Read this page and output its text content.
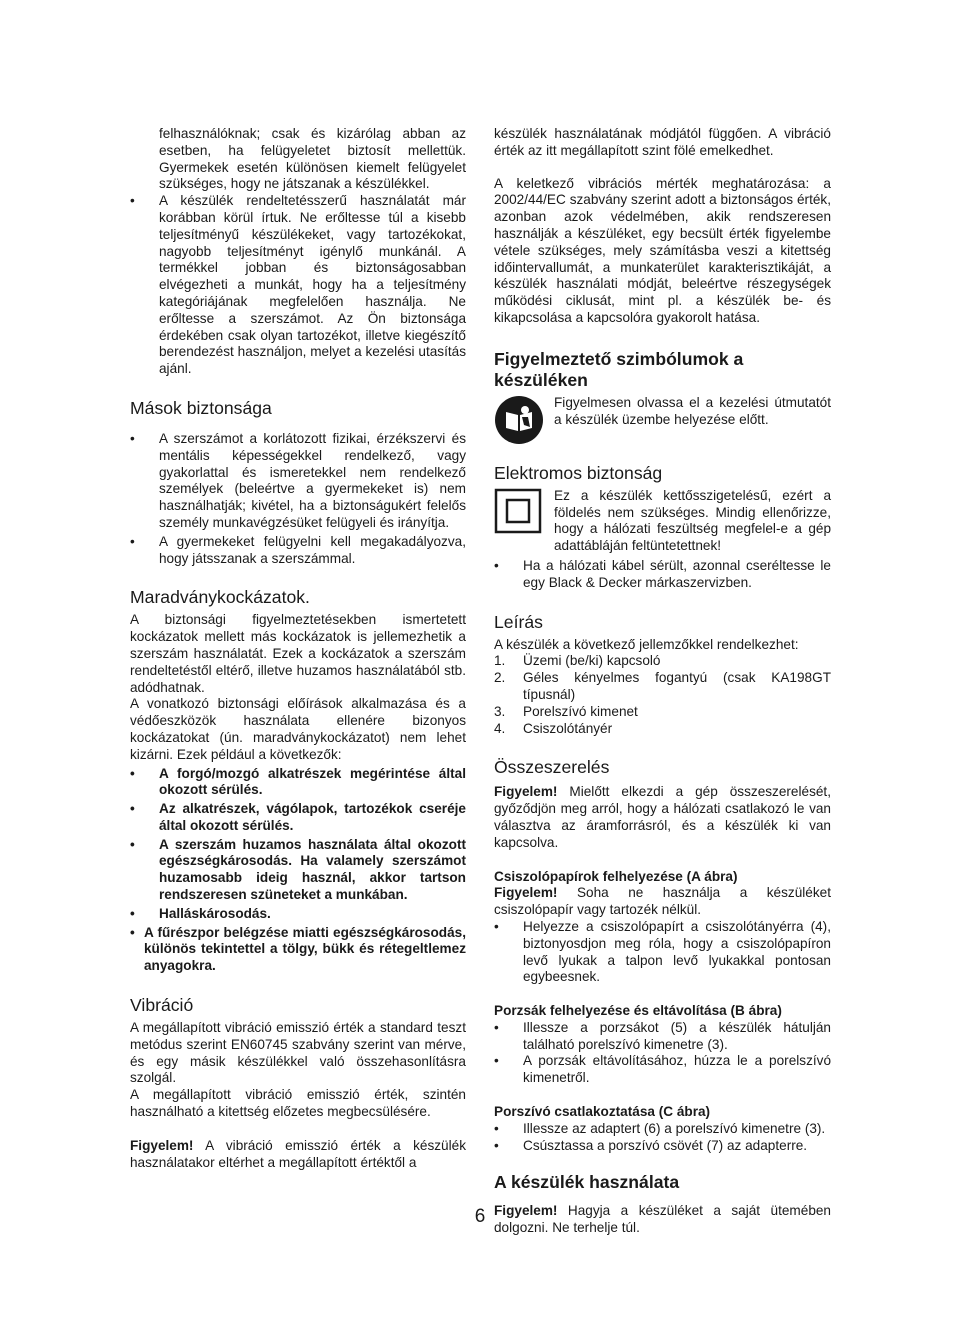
felhasználóknak; csak és kizárólag abban az esetben, ha felügyeletet biztosít mellettük. Gyermekek esetén különösen kiemelt felügyelet szükséges, hogy ne játszanak a készülékkel.
• A készülék rendeltetésszerű használatát már korábban körül írtuk. Ne erőltesse túl a kisebb teljesítményű készülékeket, vagy tartozékokat, nagyobb teljesítményt igénylő munkánál. A termékkel jobban és biztonságosabban elvégezheti a munkát, hogy ha a teljesítmény kategóriájának megfelelően használja. Ne erőltesse a szerszámot. Az Ön biztonsága érdekében csak olyan tartozékot, illetve kiegészítő berendezést használjon, melyet a kezelési utasítás ajánl.
Mások biztonsága
• A szerszámot a korlátozott fizikai, érzékszervi és mentális képességekkel rendelkező, vagy gyakorlattal és ismeretekkel nem rendelkező személyek (beleértve a gyermekeket is) nem használhatják; kivétel, ha a biztonságukért felelős személy munkavégzésüket felügyeli és irányítja.
• A gyermekeket felügyelni kell megakadályozva, hogy játsszanak a szerszámmal.
Maradványkockázatok.

A biztonsági figyelmeztetésekben ismertetett kockázatok mellett más kockázatok is jellemezhetik a szerszám használatát. Ezek a kockázatok a szerszám rendeltetéstől eltérő, illetve huzamos használatából stb. adódhatnak.

A vonatkozó biztonsági előírások alkalmazása és a védőeszközök használata ellenére bizonyos kockázatokat (ún. maradványkockázatot) nem lehet kizárni. Ezek például a következők:

• A forgó/mozgó alkatrészek megérintése által okozott sérülés.
• Az alkatrészek, vágólapok, tartozékok cseréje által okozott sérülés.
• A szerszám huzamos használata által okozott egészségkárosodás. Ha valamely szerszámot huzamosabb ideig használ, akkor tartson rendszeresen szüneteket a munkában.
• Halláskárosodás.
• A fűrészpor belégzése miatti egészségkárosodás, különös tekintettel a tölgy, bükk és rétegeltlemez anyagokra.
Vibráció

A megállapított vibráció emisszió érték a standard teszt metódus szerint EN60745 szabvány szerint van mérve, és egy másik készülékkel való összehasonlításra szolgál.

A megállapított vibráció emisszió érték, szintén használható a kitettség előzetes megbecsülésére.

Figyelem! A vibráció emisszió érték a készülék használatakor eltérhet a megállapított értéktől a

készülék használatának módjától függően. A vibráció érték az itt megállapított szint fölé emelkedhet.

A keletkező vibrációs mérték meghatározása: a 2002/44/EC szabvány szerint adott a biztonságos érték, azonban azok védelmében, akik rendszeresen használják a készüléket, egy becsült érték figyelembe vétele szükséges, mely számításba veszi a kitettség időintervallumát, a munkaterület karakterisztikáját, a készülék használati módját, beleértve részegységek működési ciklusát, mint pl. a készülék be- és kikapcsolása a kapcsolóra gyakorolt hatása.

Figyelmeztető szimbólumok a készüléken

Figyelmesen olvassa el a kezelési útmutatót a készülék üzembe helyezése előtt.

Elektromos biztonság

Ez a készülék kettősszigetelésű, ezért a földelés nem szükséges. Mindig ellenőrizze, hogy a hálózati feszültség megfelel-e a gép adattábláján feltüntetettnek!

• Ha a hálózati kábel sérült, azonnal cseréltesse le egy Black & Decker márkaszervizben.
Leírás

A készülék a következő jellemzőkkel rendelkezhet:

1. Üzemi (be/ki) kapcsoló
2. Géles kényelmes fogantyú (csak KA198GT típusnál)
3. Porelszívó kimenet
4. Csiszolótányér
Összeszerelés

Figyelem! Mielőtt elkezdi a gép összeszerelését, győződjön meg arról, hogy a hálózati csatlakozó le van választva az áramforrásról, és a készülék ki van kapcsolva.

Csiszolópapírok felhelyezése (A ábra)

Figyelem! Soha ne használja a készüléket csiszolópapír vagy tartozék nélkül.

• Helyezze a csiszolópapírt a csiszolótányérra (4), biztonyosdjon meg róla, hogy a csiszolópapíron levő lyukak a talpon levő lyukakkal pontosan egybeesnek.
Porzsák felhelyezése és eltávolítása (B ábra)
• Illessze a porzsákot (5) a készülék hátulján található porelszívó kimenetre (3).
• A porzsák eltávolításához, húzza le a porelszívó kimenetről.
Porszívó csatlakoztatása (C ábra)
• Illessze az adaptert (6) a porelszívó kimenetre (3).
• Csúsztassa a porszívó csövét (7) az adapterre.
A készülék használata

Figyelem! Hagyja a készüléket a saját ütemében dolgozni. Ne terhelje túl.

6
